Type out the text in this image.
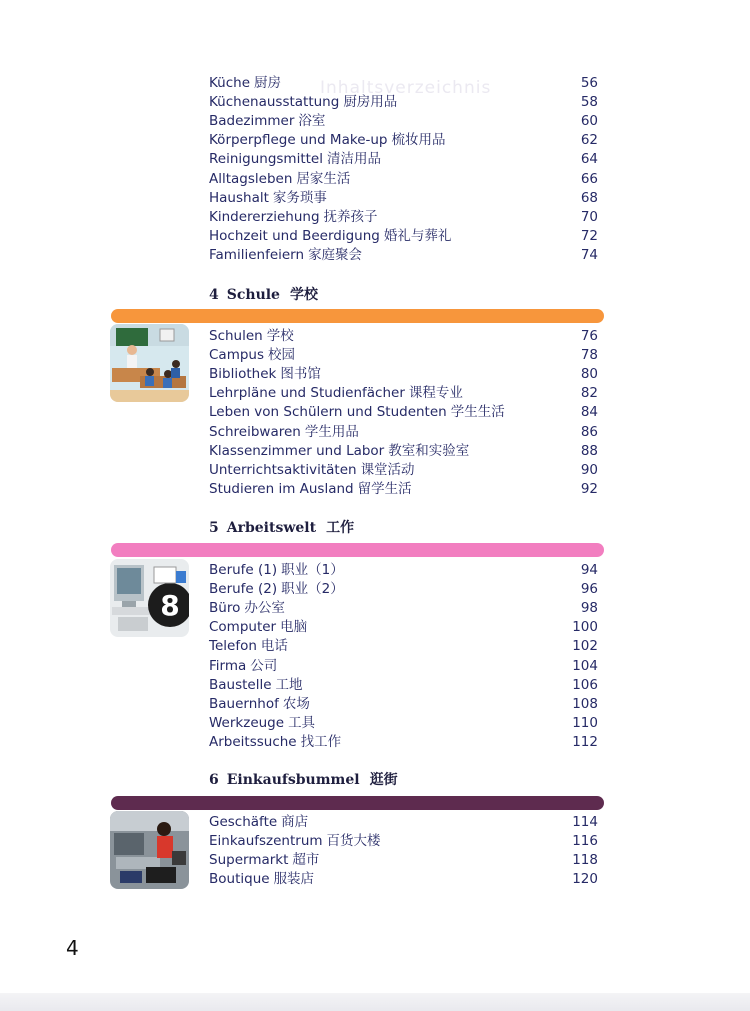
Inhaltsverzeichnis
Küche 厨房	56
Küchenausstattung 厨房用品	58
Badezimmer 浴室	60
Körperpflege und Make-up 梳妆用品	62
Reinigungsmittel 清洁用品	64
Alltagsleben 居家生活	66
Haushalt 家务琐事	68
Kindererziehung 抚养孩子	70
Hochzeit und Beerdigung 婚礼与葬礼	72
Familienfeiern 家庭聚会	74
4 Schule 学校
Schulen 学校	76
Campus 校园	78
Bibliothek 图书馆	80
Lehrpläne und Studienfächer 课程专业	82
Leben von Schülern und Studenten 学生生活	84
Schreibwaren 学生用品	86
Klassenzimmer und Labor 教室和实验室	88
Unterrichtsaktivitäten 课堂活动	90
Studieren im Ausland 留学生活	92
5 Arbeitswelt 工作
8
Berufe (1) 职业（1）	94
Berufe (2) 职业（2）	96
Büro 办公室	98
Computer 电脑	100
Telefon 电话	102
Firma 公司	104
Baustelle 工地	106
Bauernhof 农场	108
Werkzeuge 工具	110
Arbeitssuche 找工作	112
6 Einkaufsbummel 逛街
Geschäfte 商店	114
Einkaufszentrum 百货大楼	116
Supermarkt 超市	118
Boutique 服装店	120
4
